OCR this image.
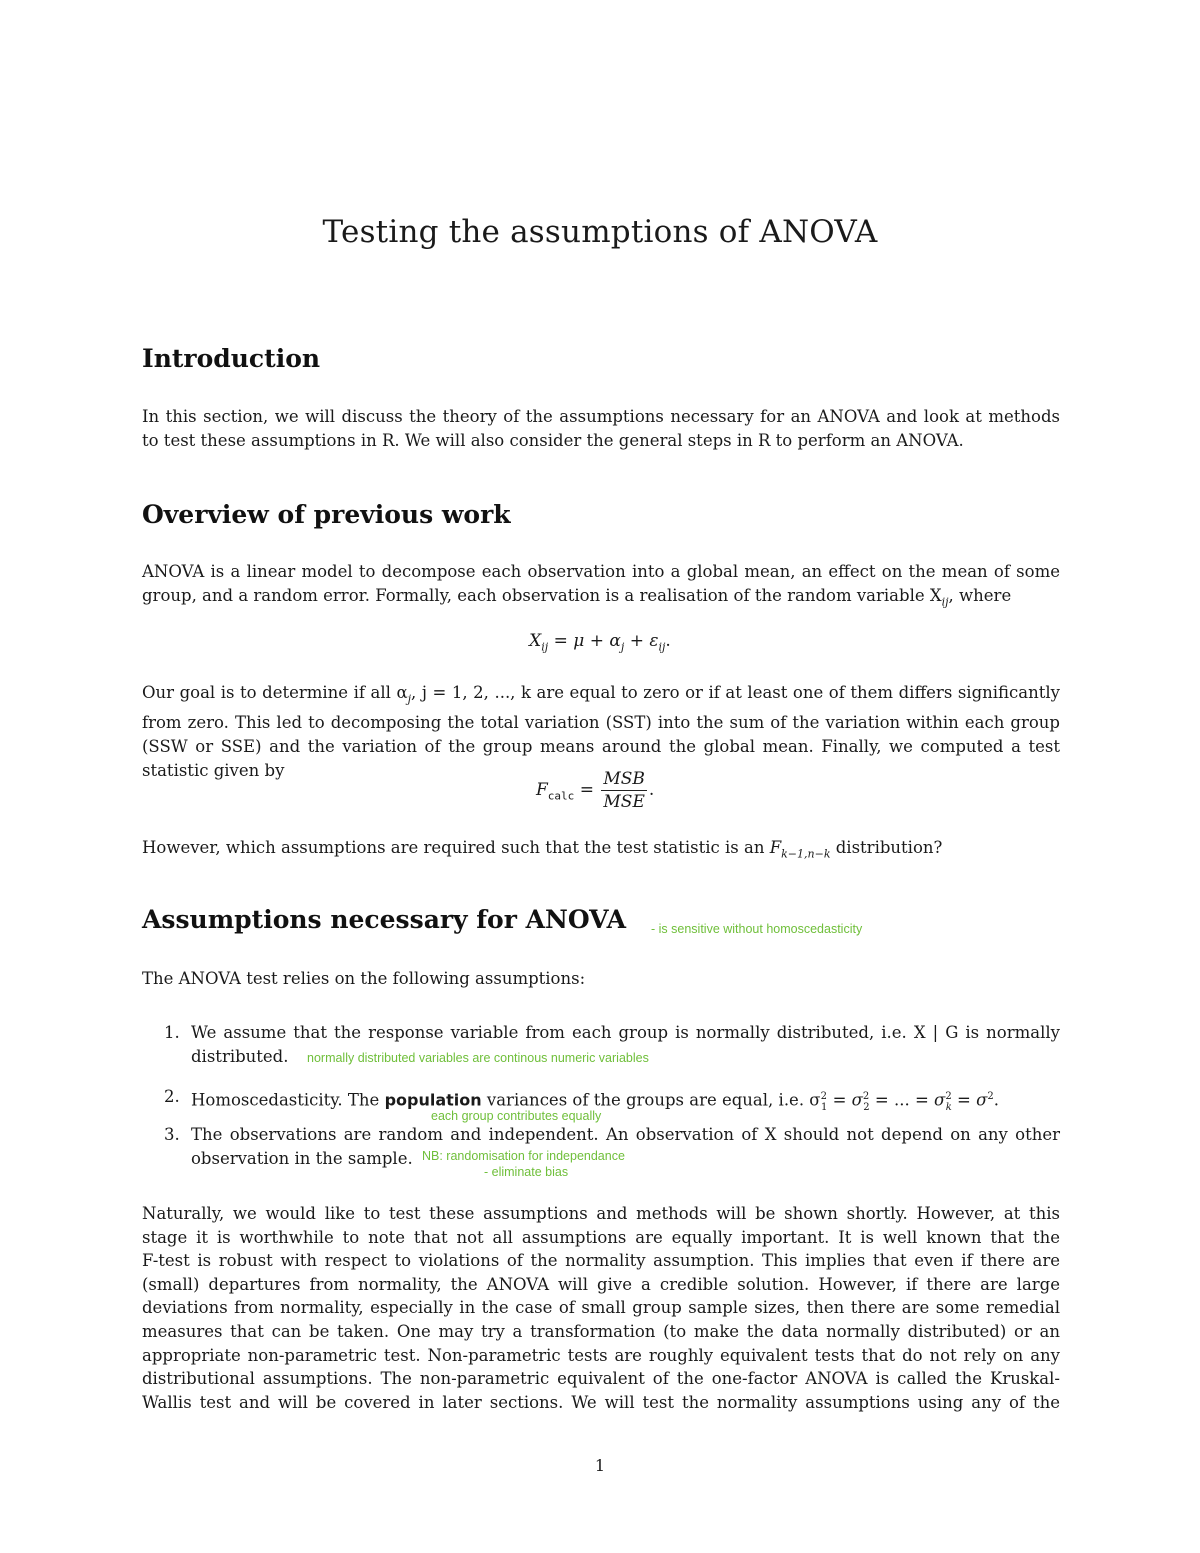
Testing the assumptions of ANOVA
Introduction
In this section, we will discuss the theory of the assumptions necessary for an ANOVA and look at methods
to test these assumptions in R. We will also consider the general steps in R to perform an ANOVA.
Overview of previous work
ANOVA is a linear model to decompose each observation into a global mean, an effect on the mean of some
group, and a random error. Formally, each observation is a realisation of the random variable $X_{ij}$, where
$X_{ij} = \mu + \alpha_j + \varepsilon_{ij}$.
Our goal is to determine if all $\alpha_j$, j = 1, 2, ..., k are equal to zero or if at least one of them differs significantly
from zero. This led to decomposing the total variation (SST) into the sum of the variation within each group
(SSW or SSE) and the variation of the group means around the global mean. Finally, we computed a test
statistic given by
$F_{calc} = \frac{\text{MSB}}{\text{MSE}}$ .
However, which assumptions are required such that the test statistic is an $F_{k-1,n-k}$ distribution?
Assumptions necessary for ANOVA - is sensitive without homoscedasticity
The ANOVA test relies on the following assumptions:
1. We assume that the response variable from each group is normally distributed, i.e. X | G is normally
distributed.	normally distributed variables are continous numeric variables
2. Homoscedasticity. The population variances of the groups are equal, i.e. $\sigma^2_1 = \sigma^2_2$ = ... = $\sigma^2_k = \sigma^2$.
each group contributes equally
3. The observations are random and independent. An observation of X should not depend on any other
observation in the sample. NB: randomisation for independance
- eliminate bias
Naturally, we would like to test these assumptions and methods will be shown shortly. However, at this
stage it is worthwhile to note that not all assumptions are equally important. It is well known that the
F-test is robust with respect to violations of the normality assumption. This implies that even if there are
(small) departures from normality, the ANOVA will give a credible solution. However, if there are large
deviations from normality, especially in the case of small group sample sizes, then there are some remedial
measures that can be taken. One may try a transformation (to make the data normally distributed) or an
appropriate non-parametric test. Non-parametric tests are roughly equivalent tests that do not rely on any
distributional assumptions. The non-parametric equivalent of the one-factor ANOVA is called the Kruskal-
Wallis test and will be covered in later sections. We will test the normality assumptions using any of the
1
